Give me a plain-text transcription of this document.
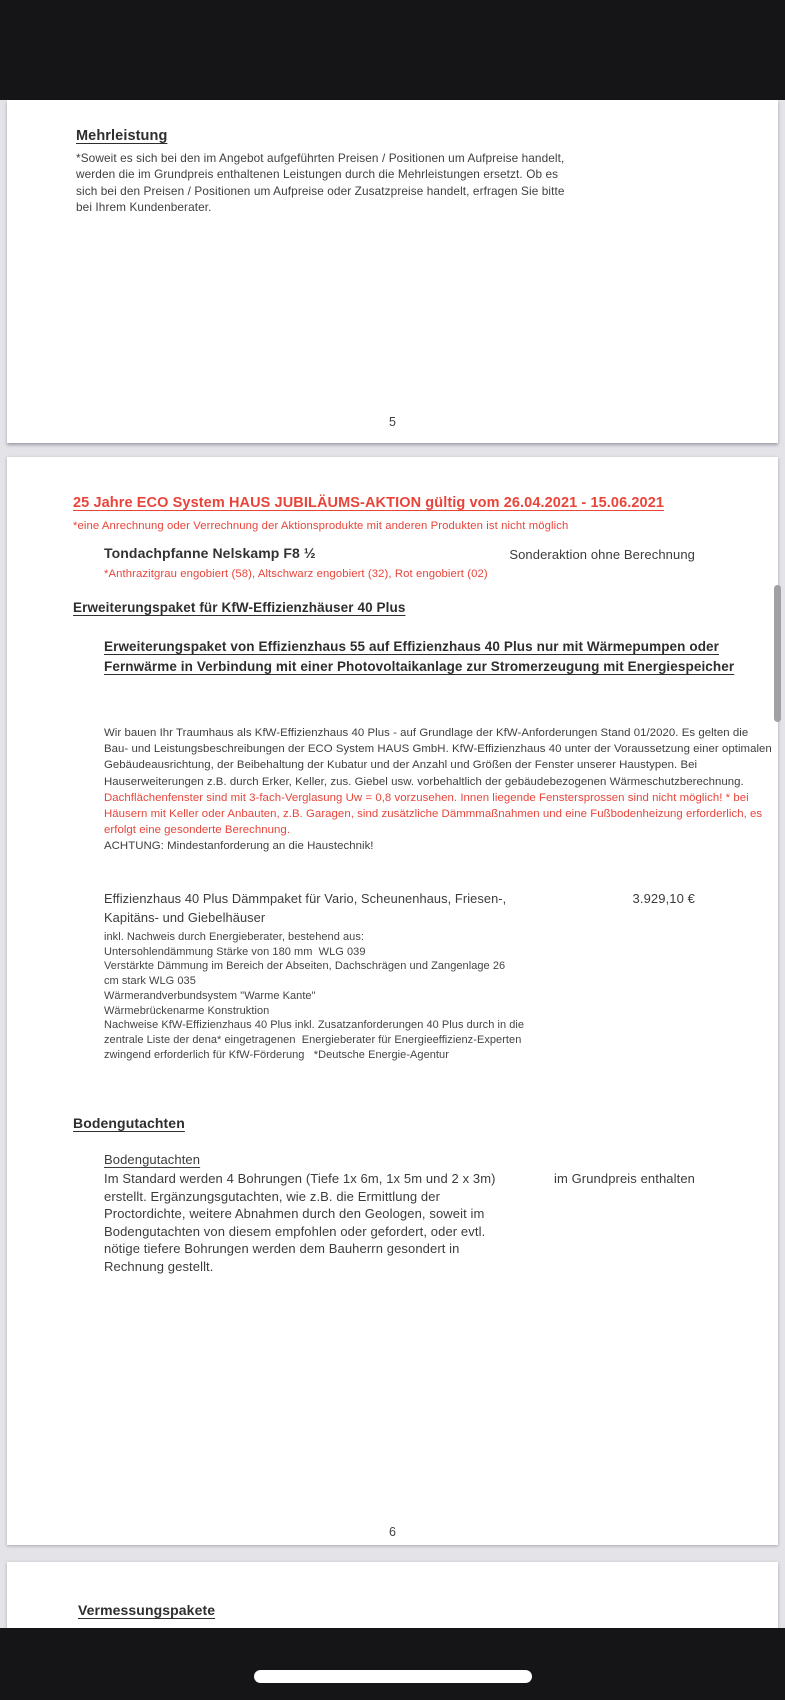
Mehrleistung
*Soweit es sich bei den im Angebot aufgeführten Preisen / Positionen um Aufpreise handelt,
werden die im Grundpreis enthaltenen Leistungen durch die Mehrleistungen ersetzt. Ob es
sich bei den Preisen / Positionen um Aufpreise oder Zusatzpreise handelt, erfragen Sie bitte
bei Ihrem Kundenberater.
5
25 Jahre ECO System HAUS JUBILÄUMS-AKTION gültig vom 26.04.2021 - 15.06.2021
*eine Anrechnung oder Verrechnung der Aktionsprodukte mit anderen Produkten ist nicht möglich
Tondachpfanne Nelskamp F8 ½	Sonderaktion ohne Berechnung
*Anthrazitgrau engobiert (58), Altschwarz engobiert (32), Rot engobiert (02)
Erweiterungspaket für KfW-Effizienzhäuser 40 Plus
Erweiterungspaket von Effizienzhaus 55 auf Effizienzhaus 40 Plus nur mit Wärmepumpen oder
Fernwärme in Verbindung mit einer Photovoltaikanlage zur Stromerzeugung mit Energiespeicher
Wir bauen Ihr Traumhaus als KfW-Effizienzhaus 40 Plus - auf Grundlage der KfW-Anforderungen Stand 01/2020. Es gelten die
Bau- und Leistungsbeschreibungen der ECO System HAUS GmbH. KfW-Effizienzhaus 40 unter der Voraussetzung einer optimalen
Gebäudeausrichtung, der Beibehaltung der Kubatur und der Anzahl und Größen der Fenster unserer Haustypen. Bei
Hauserweiterungen z.B. durch Erker, Keller, zus. Giebel usw. vorbehaltlich der gebäudebezogenen Wärmeschutzberechnung.
Dachflächenfenster sind mit 3-fach-Verglasung Uw = 0,8 vorzusehen. Innen liegende Fenstersprossen sind nicht möglich! * bei
Häusern mit Keller oder Anbauten, z.B. Garagen, sind zusätzliche Dämmmaßnahmen und eine Fußbodenheizung erforderlich, es
erfolgt eine gesonderte Berechnung.
ACHTUNG: Mindestanforderung an die Haustechnik!
Effizienzhaus 40 Plus Dämmpaket für Vario, Scheunenhaus, Friesen-,
Kapitäns- und Giebelhäuser
3.929,10 €
inkl. Nachweis durch Energieberater, bestehend aus:
Untersohlendämmung Stärke von 180 mm  WLG 039
Verstärkte Dämmung im Bereich der Abseiten, Dachschrägen und Zangenlage 26
cm stark WLG 035
Wärmerandverbundsystem "Warme Kante"
Wärmebrückenarme Konstruktion
Nachweise KfW-Effizienzhaus 40 Plus inkl. Zusatzanforderungen 40 Plus durch in die
zentrale Liste der dena* eingetragenen  Energieberater für Energieeffizienz-Experten
zwingend erforderlich für KfW-Förderung   *Deutsche Energie-Agentur
Bodengutachten
Bodengutachten
Im Standard werden 4 Bohrungen (Tiefe 1x 6m, 1x 5m und 2 x 3m)
erstellt. Ergänzungsgutachten, wie z.B. die Ermittlung der
Proctordichte, weitere Abnahmen durch den Geologen, soweit im
Bodengutachten von diesem empfohlen oder gefordert, oder evtl.
nötige tiefere Bohrungen werden dem Bauherrn gesondert in
Rechnung gestellt.
im Grundpreis enthalten
6
Vermessungspakete
